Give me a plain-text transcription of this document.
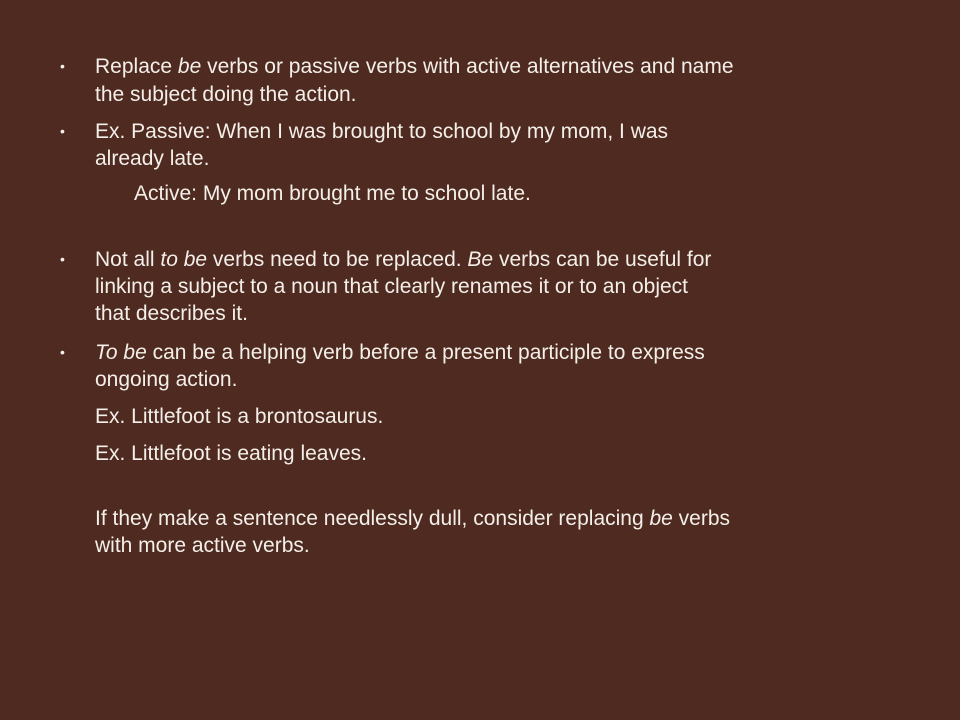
• Replace be verbs or passive verbs with active alternatives and name
the subject doing the action.
• Ex. Passive: When I was brought to school by my mom, I was
already late.
Active: My mom brought me to school late.
• Not all to be verbs need to be replaced. Be verbs can be useful for
linking a subject to a noun that clearly renames it or to an object
that describes it.
• To be can be a helping verb before a present participle to express
ongoing action.
Ex. Littlefoot is a brontosaurus.
Ex. Littlefoot is eating leaves.
If they make a sentence needlessly dull, consider replacing be verbs
with more active verbs.
